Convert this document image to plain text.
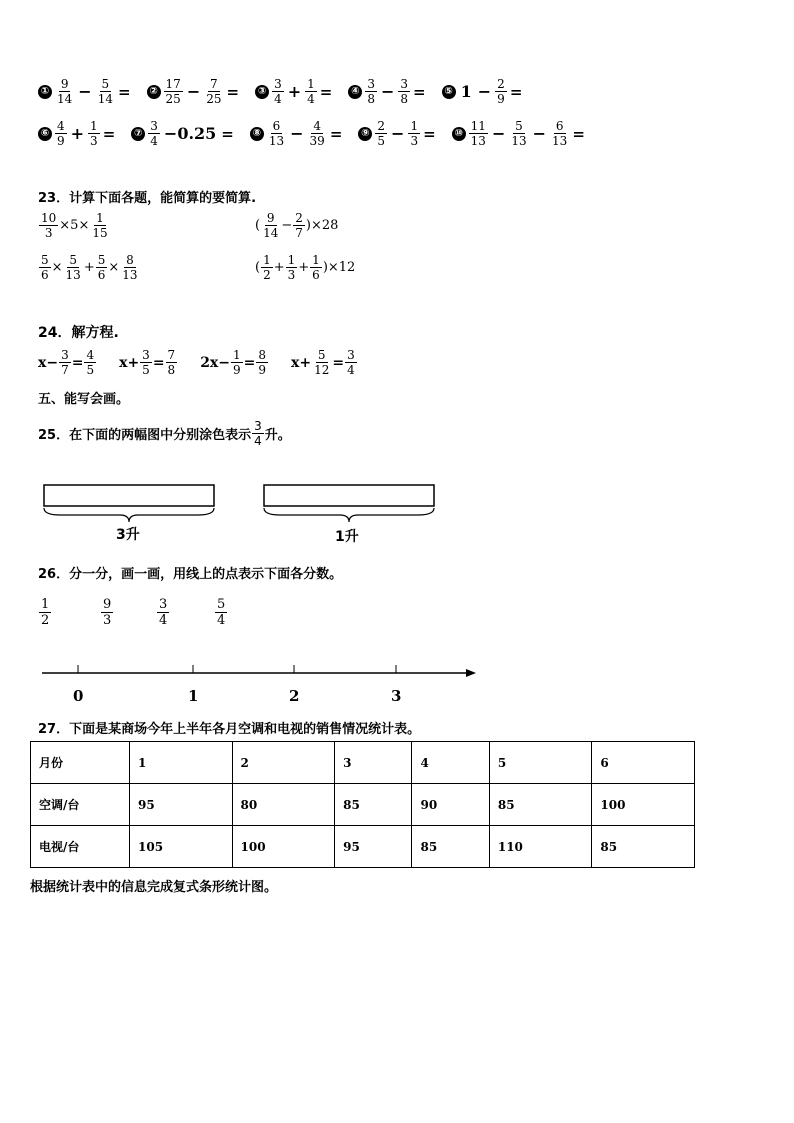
① $\frac{9}{14} - \frac{5}{14}$ = ② $\frac{17}{25} - \frac{7}{25}$ = ③ $\frac{3}{4} + \frac{1}{4}$ = ④ $\frac{3}{8} - \frac{3}{8}$ = ⑤ $1 - \frac{2}{9}$ =
⑥ $\frac{4}{9} + \frac{1}{3}$ = ⑦ $\frac{3}{4} -0.25$ = ⑧ $\frac{6}{13} - \frac{4}{39}$ = ⑨ $\frac{2}{5} - \frac{1}{3}$ = ⑩ $\frac{11}{13} - \frac{5}{13} - \frac{6}{13}$ =
23．计算下面各题，能简算的要简算.
$\frac{10}{3} \times 5\times \frac{1}{15}$	( $\frac{9}{14} - \frac{2}{7} )\times 28$
$\frac{5}{6} \times \frac{5}{13} + \frac{5}{6} \times \frac{8}{13}$	( $\frac{1}{2} + \frac{1}{3} + \frac{1}{6} )\times 12$
24．解方程.
$x- \frac{3}{7} = \frac{4}{5} x+ \frac{3}{5} = \frac{7}{8} 2x- \frac{1}{9} = \frac{8}{9} x+ \frac{5}{12} = \frac{3}{4}$
五、能写会画。
25．在下面的两幅图中分别涂色表示 $\frac{3}{4}$ 升。
3升	1升
26．分一分，画一画，用线上的点表示下面各分数。
$\frac{1}{2}$	$\frac{9}{3}$	$\frac{3}{4}$	$\frac{5}{4}$
0	1	2	3
27．下面是某商场今年上半年各月空调和电视的销售情况统计表。
月份	1	2	3	4	5	6
空调/台	95	80	85	90	85	100
电视/台	105	100	95	85	110	85
根据统计表中的信息完成复式条形统计图。
